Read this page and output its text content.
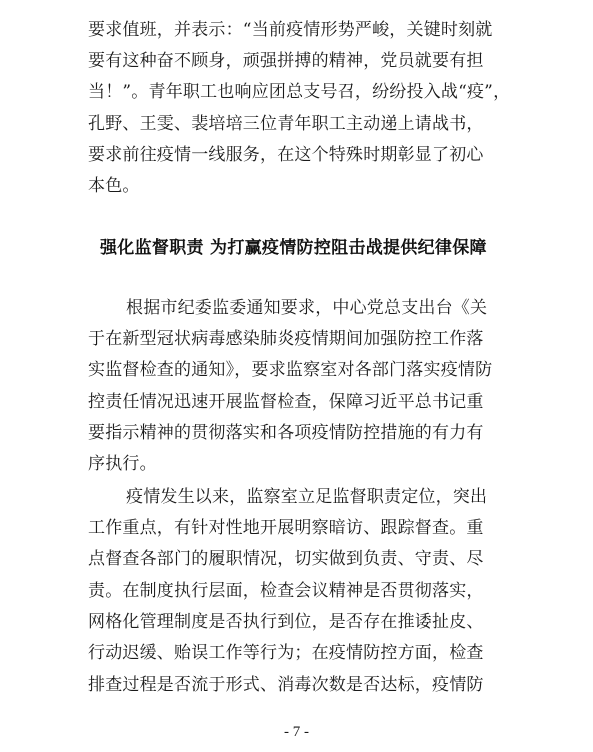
要求值班，并表示：“当前疫情形势严峻，关键时刻就
要有这种奋不顾身，顽强拼搏的精神，党员就要有担
当！”。青年职工也响应团总支号召，纷纷投入战“疫”，
孔野、王雯、裴培培三位青年职工主动递上请战书，
要求前往疫情一线服务，在这个特殊时期彰显了初心
本色。
强化监督职责 为打赢疫情防控阻击战提供纪律保障
根据市纪委监委通知要求，中心党总支出台《关
于在新型冠状病毒感染肺炎疫情期间加强防控工作落
实监督检查的通知》，要求监察室对各部门落实疫情防
控责任情况迅速开展监督检查，保障习近平总书记重
要指示精神的贯彻落实和各项疫情防控措施的有力有
序执行。
疫情发生以来，监察室立足监督职责定位，突出
工作重点，有针对性地开展明察暗访、跟踪督查。重
点督查各部门的履职情况，切实做到负责、守责、尽
责。在制度执行层面，检查会议精神是否贯彻落实，
网格化管理制度是否执行到位，是否存在推诿扯皮、
行动迟缓、贻误工作等行为；在疫情防控方面，检查
排查过程是否流于形式、消毒次数是否达标，疫情防
- 7 -
